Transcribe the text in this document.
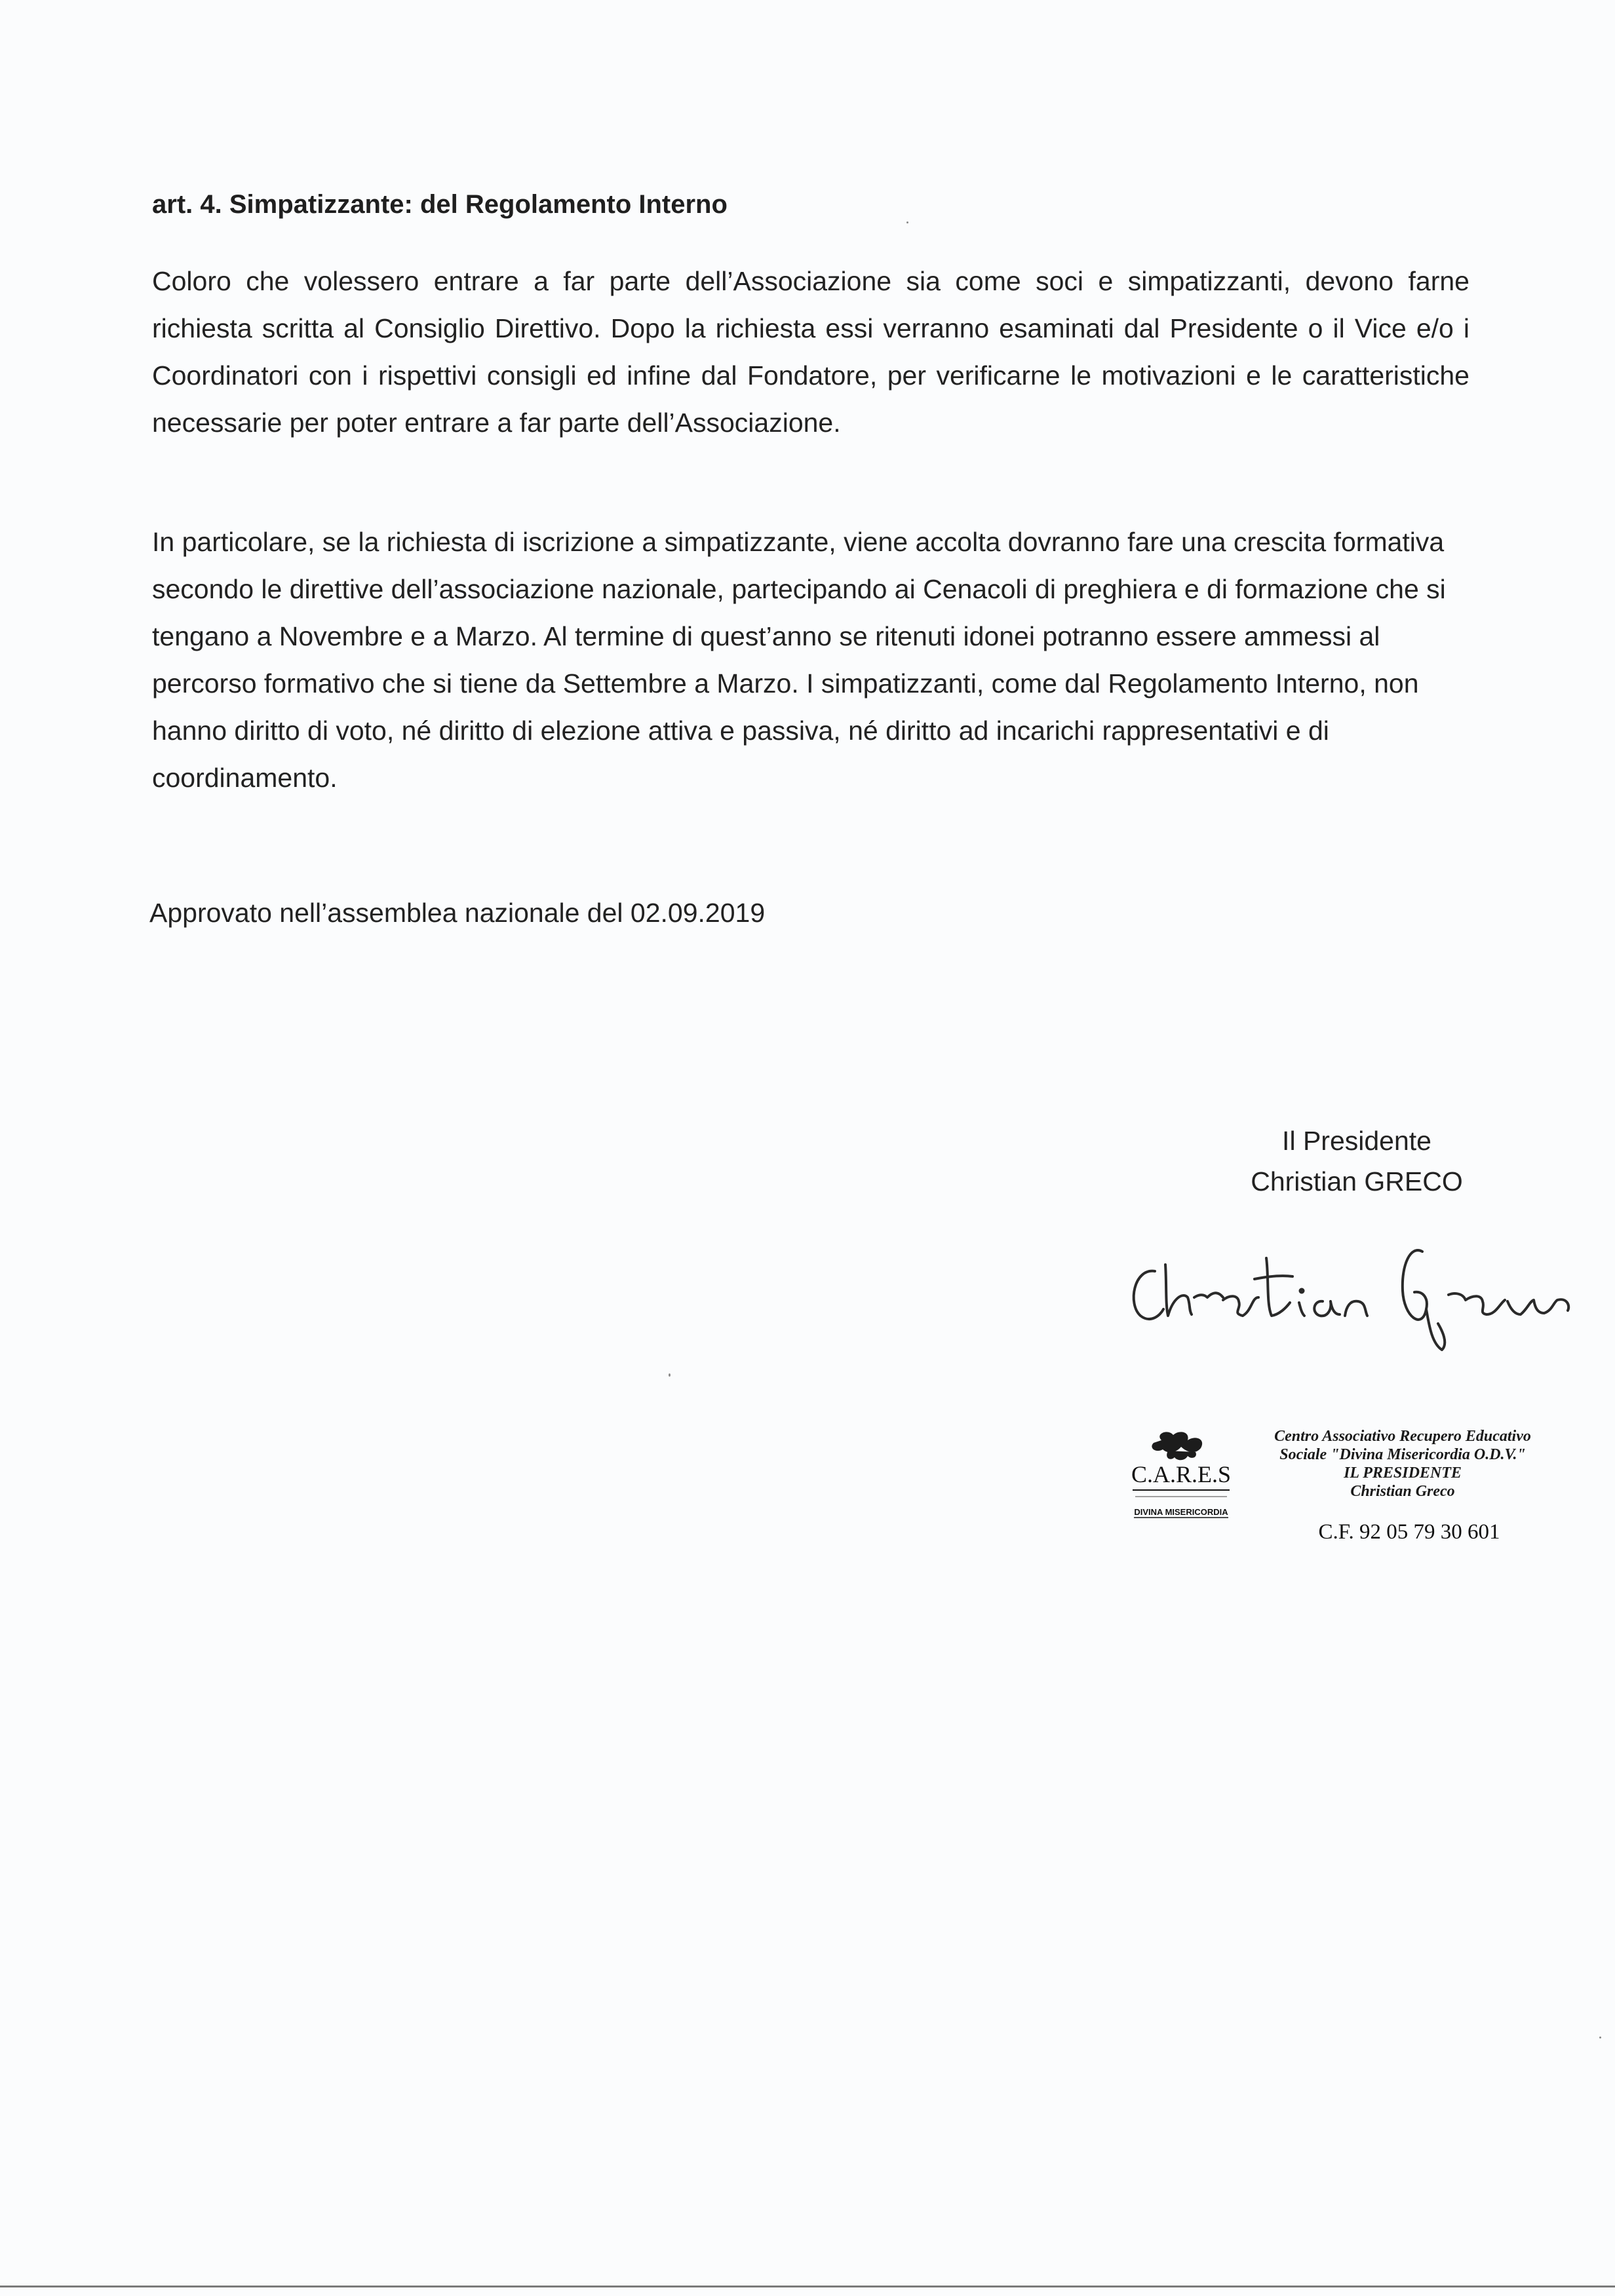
art. 4. Simpatizzante: del Regolamento Interno
Coloro che volessero entrare a far parte dell’Associazione sia come soci e simpatizzanti, devono farne richiesta scritta al Consiglio Direttivo. Dopo la richiesta essi verranno esaminati dal Presidente o il Vice e/o i Coordinatori con i rispettivi consigli ed infine dal Fondatore, per verificarne le motivazioni e le caratteristiche necessarie per poter entrare a far parte dell’Associazione.
In particolare, se la richiesta di iscrizione a simpatizzante, viene accolta dovranno fare una crescita formativa secondo le direttive dell’associazione nazionale, partecipando ai Cenacoli di preghiera e di formazione che si tengano a Novembre e a Marzo. Al termine di quest’anno se ritenuti idonei potranno essere ammessi al percorso formativo che si tiene da Settembre a Marzo. I simpatizzanti, come dal Regolamento Interno, non hanno diritto di voto, né diritto di elezione attiva e passiva, né diritto ad incarichi rappresentativi e di coordinamento.
Approvato nell’assemblea nazionale del 02.09.2019
Il Presidente
Christian GRECO
C.A.R.E.S
DIVINA MISERICORDIA
Centro Associativo Recupero Educativo
Sociale "Divina Misericordia O.D.V."
IL PRESIDENTE
Christian Greco
C.F. 92 05 79 30 601
